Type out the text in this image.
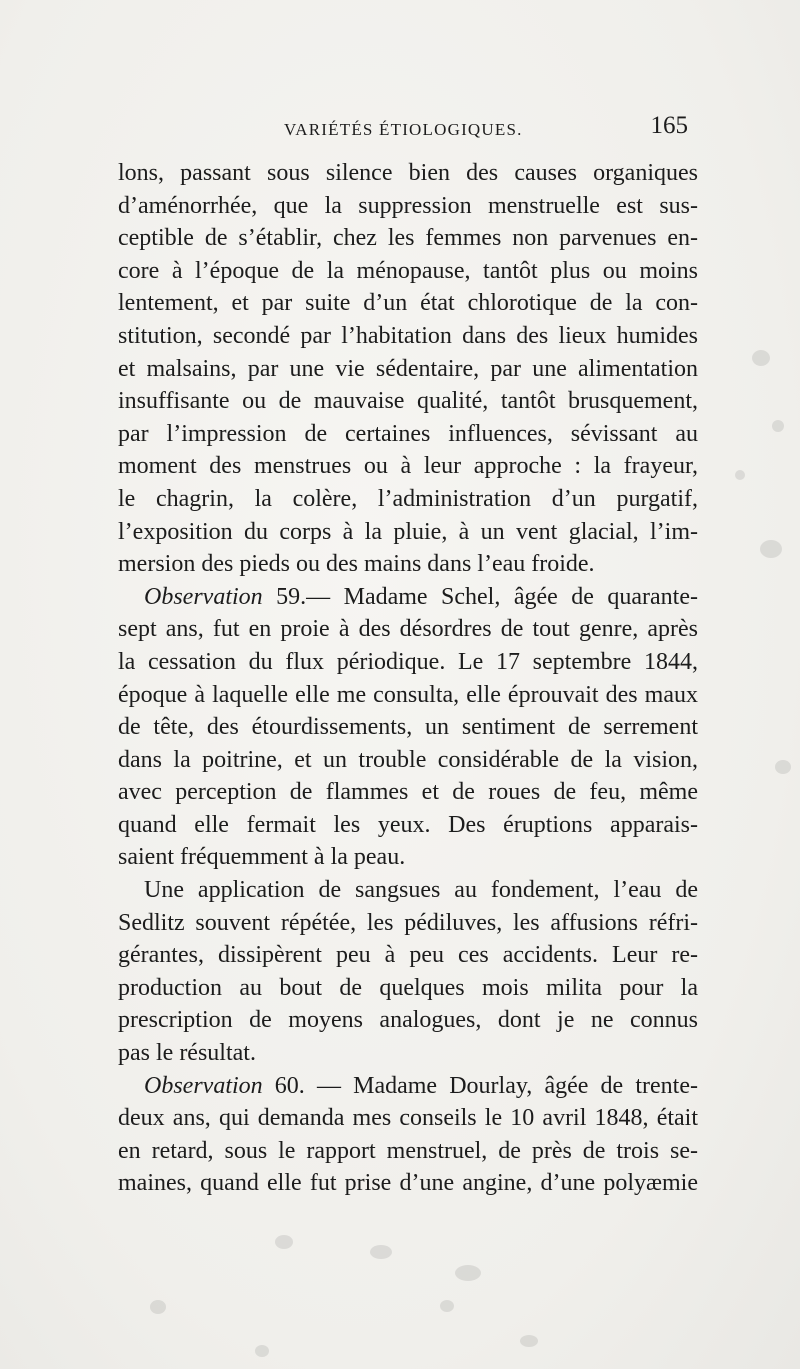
VARIÉTÉS ÉTIOLOGIQUES.	165
lons, passant sous silence bien des causes organiques
d’aménorrhée, que la suppression menstruelle est sus-
ceptible de s’établir, chez les femmes non parvenues en-
core à l’époque de la ménopause, tantôt plus ou moins
lentement, et par suite d’un état chlorotique de la con-
stitution, secondé par l’habitation dans des lieux humides
et malsains, par une vie sédentaire, par une alimentation
insuffisante ou de mauvaise qualité, tantôt brusquement,
par l’impression de certaines influences, sévissant au
moment des menstrues ou à leur approche : la frayeur,
le chagrin, la colère, l’administration d’un purgatif,
l’exposition du corps à la pluie, à un vent glacial, l’im-
mersion des pieds ou des mains dans l’eau froide.
Observation 59.— Madame Schel, âgée de quarante-
sept ans, fut en proie à des désordres de tout genre, après
la cessation du flux périodique. Le 17 septembre 1844,
époque à laquelle elle me consulta, elle éprouvait des maux
de tête, des étourdissements, un sentiment de serrement
dans la poitrine, et un trouble considérable de la vision,
avec perception de flammes et de roues de feu, même
quand elle fermait les yeux. Des éruptions apparais-
saient fréquemment à la peau.
Une application de sangsues au fondement, l’eau de
Sedlitz souvent répétée, les pédiluves, les affusions réfri-
gérantes, dissipèrent peu à peu ces accidents. Leur re-
production au bout de quelques mois milita pour la
prescription de moyens analogues, dont je ne connus
pas le résultat.
Observation 60. — Madame Dourlay, âgée de trente-
deux ans, qui demanda mes conseils le 10 avril 1848, était
en retard, sous le rapport menstruel, de près de trois se-
maines, quand elle fut prise d’une angine, d’une polyæmie
